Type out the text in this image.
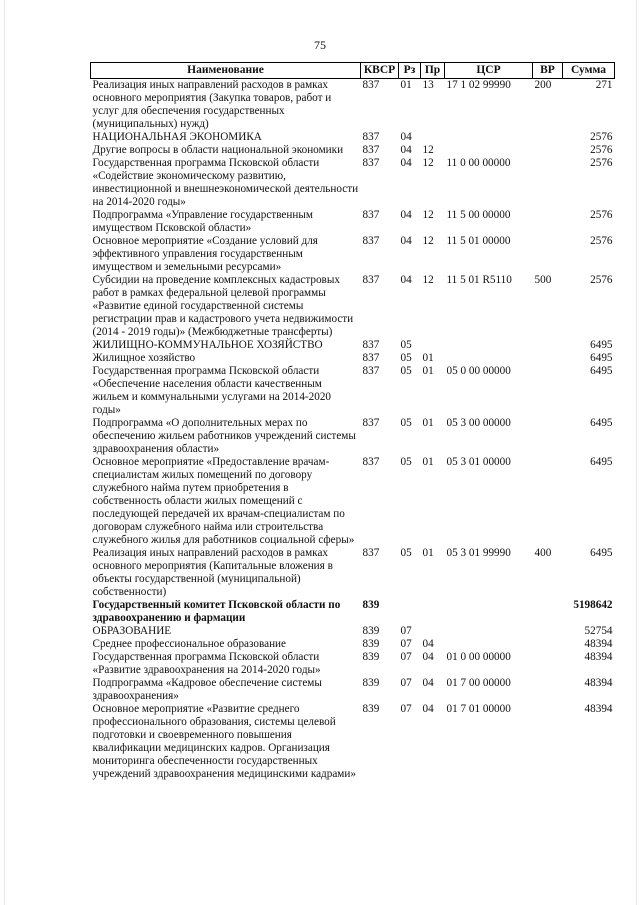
75
Наименование	КВСР	Рз	Пр	ЦСР	ВР	Сумма
Реализация иных направлений расходов в рамках основного мероприятия (Закупка товаров, работ и услуг для обеспечения государственных (муниципальных) нужд)	837	01	13	17 1 02 99990	200	271
НАЦИОНАЛЬНАЯ ЭКОНОМИКА	837	04				2576
Другие вопросы в области национальной экономики	837	04	12			2576
Государственная программа Псковской области «Содействие экономическому развитию, инвестиционной и внешнеэкономической деятельности на 2014-2020 годы»	837	04	12	11 0 00 00000		2576
Подпрограмма «Управление государственным имуществом Псковской области»	837	04	12	11 5 00 00000		2576
Основное мероприятие «Создание условий для эффективного управления государственным имуществом и земельными ресурсами»	837	04	12	11 5 01 00000		2576
Субсидии на проведение комплексных кадастровых работ в рамках федеральной целевой программы «Развитие единой государственной системы регистрации прав и кадастрового учета недвижимости (2014 - 2019 годы)» (Межбюджетные трансферты)	837	04	12	11 5 01 R5110	500	2576
ЖИЛИЩНО-КОММУНАЛЬНОЕ ХОЗЯЙСТВО	837	05				6495
Жилищное хозяйство	837	05	01			6495
Государственная программа Псковской области «Обеспечение населения области качественным жильем и коммунальными услугами на 2014-2020 годы»	837	05	01	05 0 00 00000		6495
Подпрограмма «О дополнительных мерах по обеспечению жильем работников учреждений системы здравоохранения области»	837	05	01	05 3 00 00000		6495
Основное мероприятие «Предоставление врачам-специалистам жилых помещений по договору служебного найма путем приобретения в собственность области жилых помещений с последующей передачей их врачам-специалистам по договорам служебного найма или строительства служебного жилья для работников социальной сферы»	837	05	01	05 3 01 00000		6495
Реализация иных направлений расходов в рамках основного мероприятия (Капитальные вложения в объекты государственной (муниципальной) собственности)	837	05	01	05 3 01 99990	400	6495
Государственный комитет Псковской области по здравоохранению и фармации	839					5198642
ОБРАЗОВАНИЕ	839	07				52754
Среднее профессиональное образование	839	07	04			48394
Государственная программа Псковской области «Развитие здравоохранения на 2014-2020 годы»	839	07	04	01 0 00 00000		48394
Подпрограмма «Кадровое обеспечение системы здравоохранения»	839	07	04	01 7 00 00000		48394
Основное мероприятие «Развитие среднего профессионального образования, системы целевой подготовки и своевременного повышения квалификации медицинских кадров. Организация мониторинга обеспеченности государственных учреждений здравоохранения медицинскими кадрами»	839	07	04	01 7 01 00000		48394
